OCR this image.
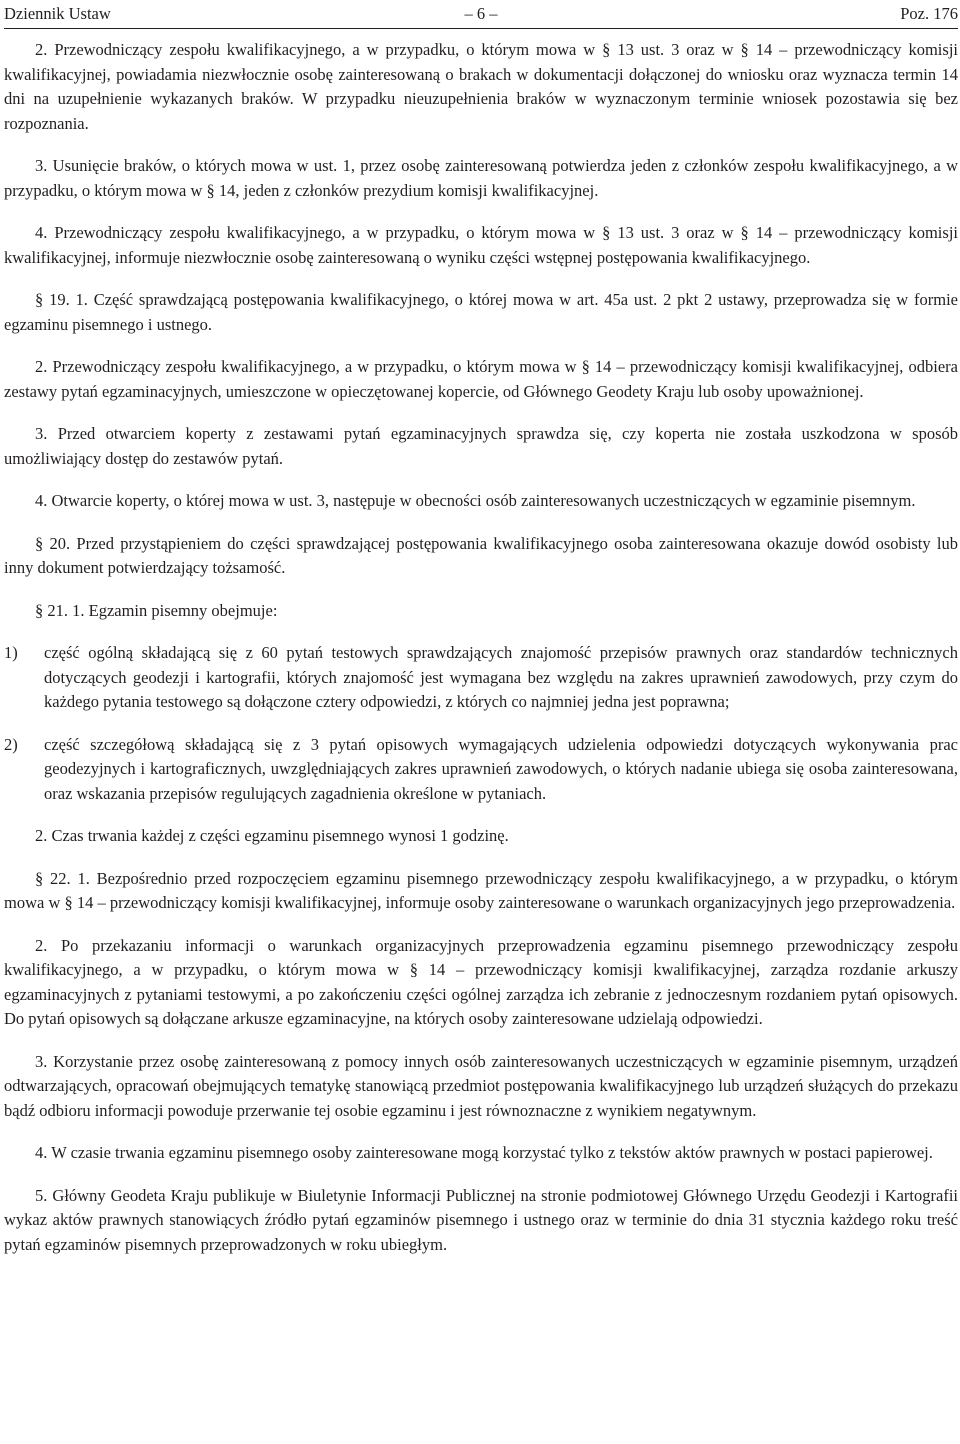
Dziennik Ustaw	– 6 –	Poz. 176

2. Przewodniczący zespołu kwalifikacyjnego, a w przypadku, o którym mowa w § 13 ust. 3 oraz w § 14 – przewodniczący komisji kwalifikacyjnej, powiadamia niezwłocznie osobę zainteresowaną o brakach w dokumentacji dołączonej do wniosku oraz wyznacza termin 14 dni na uzupełnienie wykazanych braków. W przypadku nieuzupełnienia braków w wyznaczonym terminie wniosek pozostawia się bez rozpoznania.

3. Usunięcie braków, o których mowa w ust. 1, przez osobę zainteresowaną potwierdza jeden z członków zespołu kwalifikacyjnego, a w przypadku, o którym mowa w § 14, jeden z członków prezydium komisji kwalifikacyjnej.

4. Przewodniczący zespołu kwalifikacyjnego, a w przypadku, o którym mowa w § 13 ust. 3 oraz w § 14 – przewodniczący komisji kwalifikacyjnej, informuje niezwłocznie osobę zainteresowaną o wyniku części wstępnej postępowania kwalifikacyjnego.

§ 19. 1. Część sprawdzającą postępowania kwalifikacyjnego, o której mowa w art. 45a ust. 2 pkt 2 ustawy, przeprowadza się w formie egzaminu pisemnego i ustnego.

2. Przewodniczący zespołu kwalifikacyjnego, a w przypadku, o którym mowa w § 14 – przewodniczący komisji kwalifikacyjnej, odbiera zestawy pytań egzaminacyjnych, umieszczone w opieczętowanej kopercie, od Głównego Geodety Kraju lub osoby upoważnionej.

3. Przed otwarciem koperty z zestawami pytań egzaminacyjnych sprawdza się, czy koperta nie została uszkodzona w sposób umożliwiający dostęp do zestawów pytań.

4. Otwarcie koperty, o której mowa w ust. 3, następuje w obecności osób zainteresowanych uczestniczących w egzaminie pisemnym.

§ 20. Przed przystąpieniem do części sprawdzającej postępowania kwalifikacyjnego osoba zainteresowana okazuje dowód osobisty lub inny dokument potwierdzający tożsamość.

§ 21. 1. Egzamin pisemny obejmuje:

1) część ogólną składającą się z 60 pytań testowych sprawdzających znajomość przepisów prawnych oraz standardów technicznych dotyczących geodezji i kartografii, których znajomość jest wymagana bez względu na zakres uprawnień zawodowych, przy czym do każdego pytania testowego są dołączone cztery odpowiedzi, z których co najmniej jedna jest poprawna;
2) część szczegółową składającą się z 3 pytań opisowych wymagających udzielenia odpowiedzi dotyczących wykonywania prac geodezyjnych i kartograficznych, uwzględniających zakres uprawnień zawodowych, o których nadanie ubiega się osoba zainteresowana, oraz wskazania przepisów regulujących zagadnienia określone w pytaniach.

2. Czas trwania każdej z części egzaminu pisemnego wynosi 1 godzinę.

§ 22. 1. Bezpośrednio przed rozpoczęciem egzaminu pisemnego przewodniczący zespołu kwalifikacyjnego, a w przypadku, o którym mowa w § 14 – przewodniczący komisji kwalifikacyjnej, informuje osoby zainteresowane o warunkach organizacyjnych jego przeprowadzenia.

2. Po przekazaniu informacji o warunkach organizacyjnych przeprowadzenia egzaminu pisemnego przewodniczący zespołu kwalifikacyjnego, a w przypadku, o którym mowa w § 14 – przewodniczący komisji kwalifikacyjnej, zarządza rozdanie arkuszy egzaminacyjnych z pytaniami testowymi, a po zakończeniu części ogólnej zarządza ich zebranie z jednoczesnym rozdaniem pytań opisowych. Do pytań opisowych są dołączane arkusze egzaminacyjne, na których osoby zainteresowane udzielają odpowiedzi.

3. Korzystanie przez osobę zainteresowaną z pomocy innych osób zainteresowanych uczestniczących w egzaminie pisemnym, urządzeń odtwarzających, opracowań obejmujących tematykę stanowiącą przedmiot postępowania kwalifikacyjnego lub urządzeń służących do przekazu bądź odbioru informacji powoduje przerwanie tej osobie egzaminu i jest równoznaczne z wynikiem negatywnym.

4. W czasie trwania egzaminu pisemnego osoby zainteresowane mogą korzystać tylko z tekstów aktów prawnych w postaci papierowej.

5. Główny Geodeta Kraju publikuje w Biuletynie Informacji Publicznej na stronie podmiotowej Głównego Urzędu Geodezji i Kartografii wykaz aktów prawnych stanowiących źródło pytań egzaminów pisemnego i ustnego oraz w terminie do dnia 31 stycznia każdego roku treść pytań egzaminów pisemnych przeprowadzonych w roku ubiegłym.
